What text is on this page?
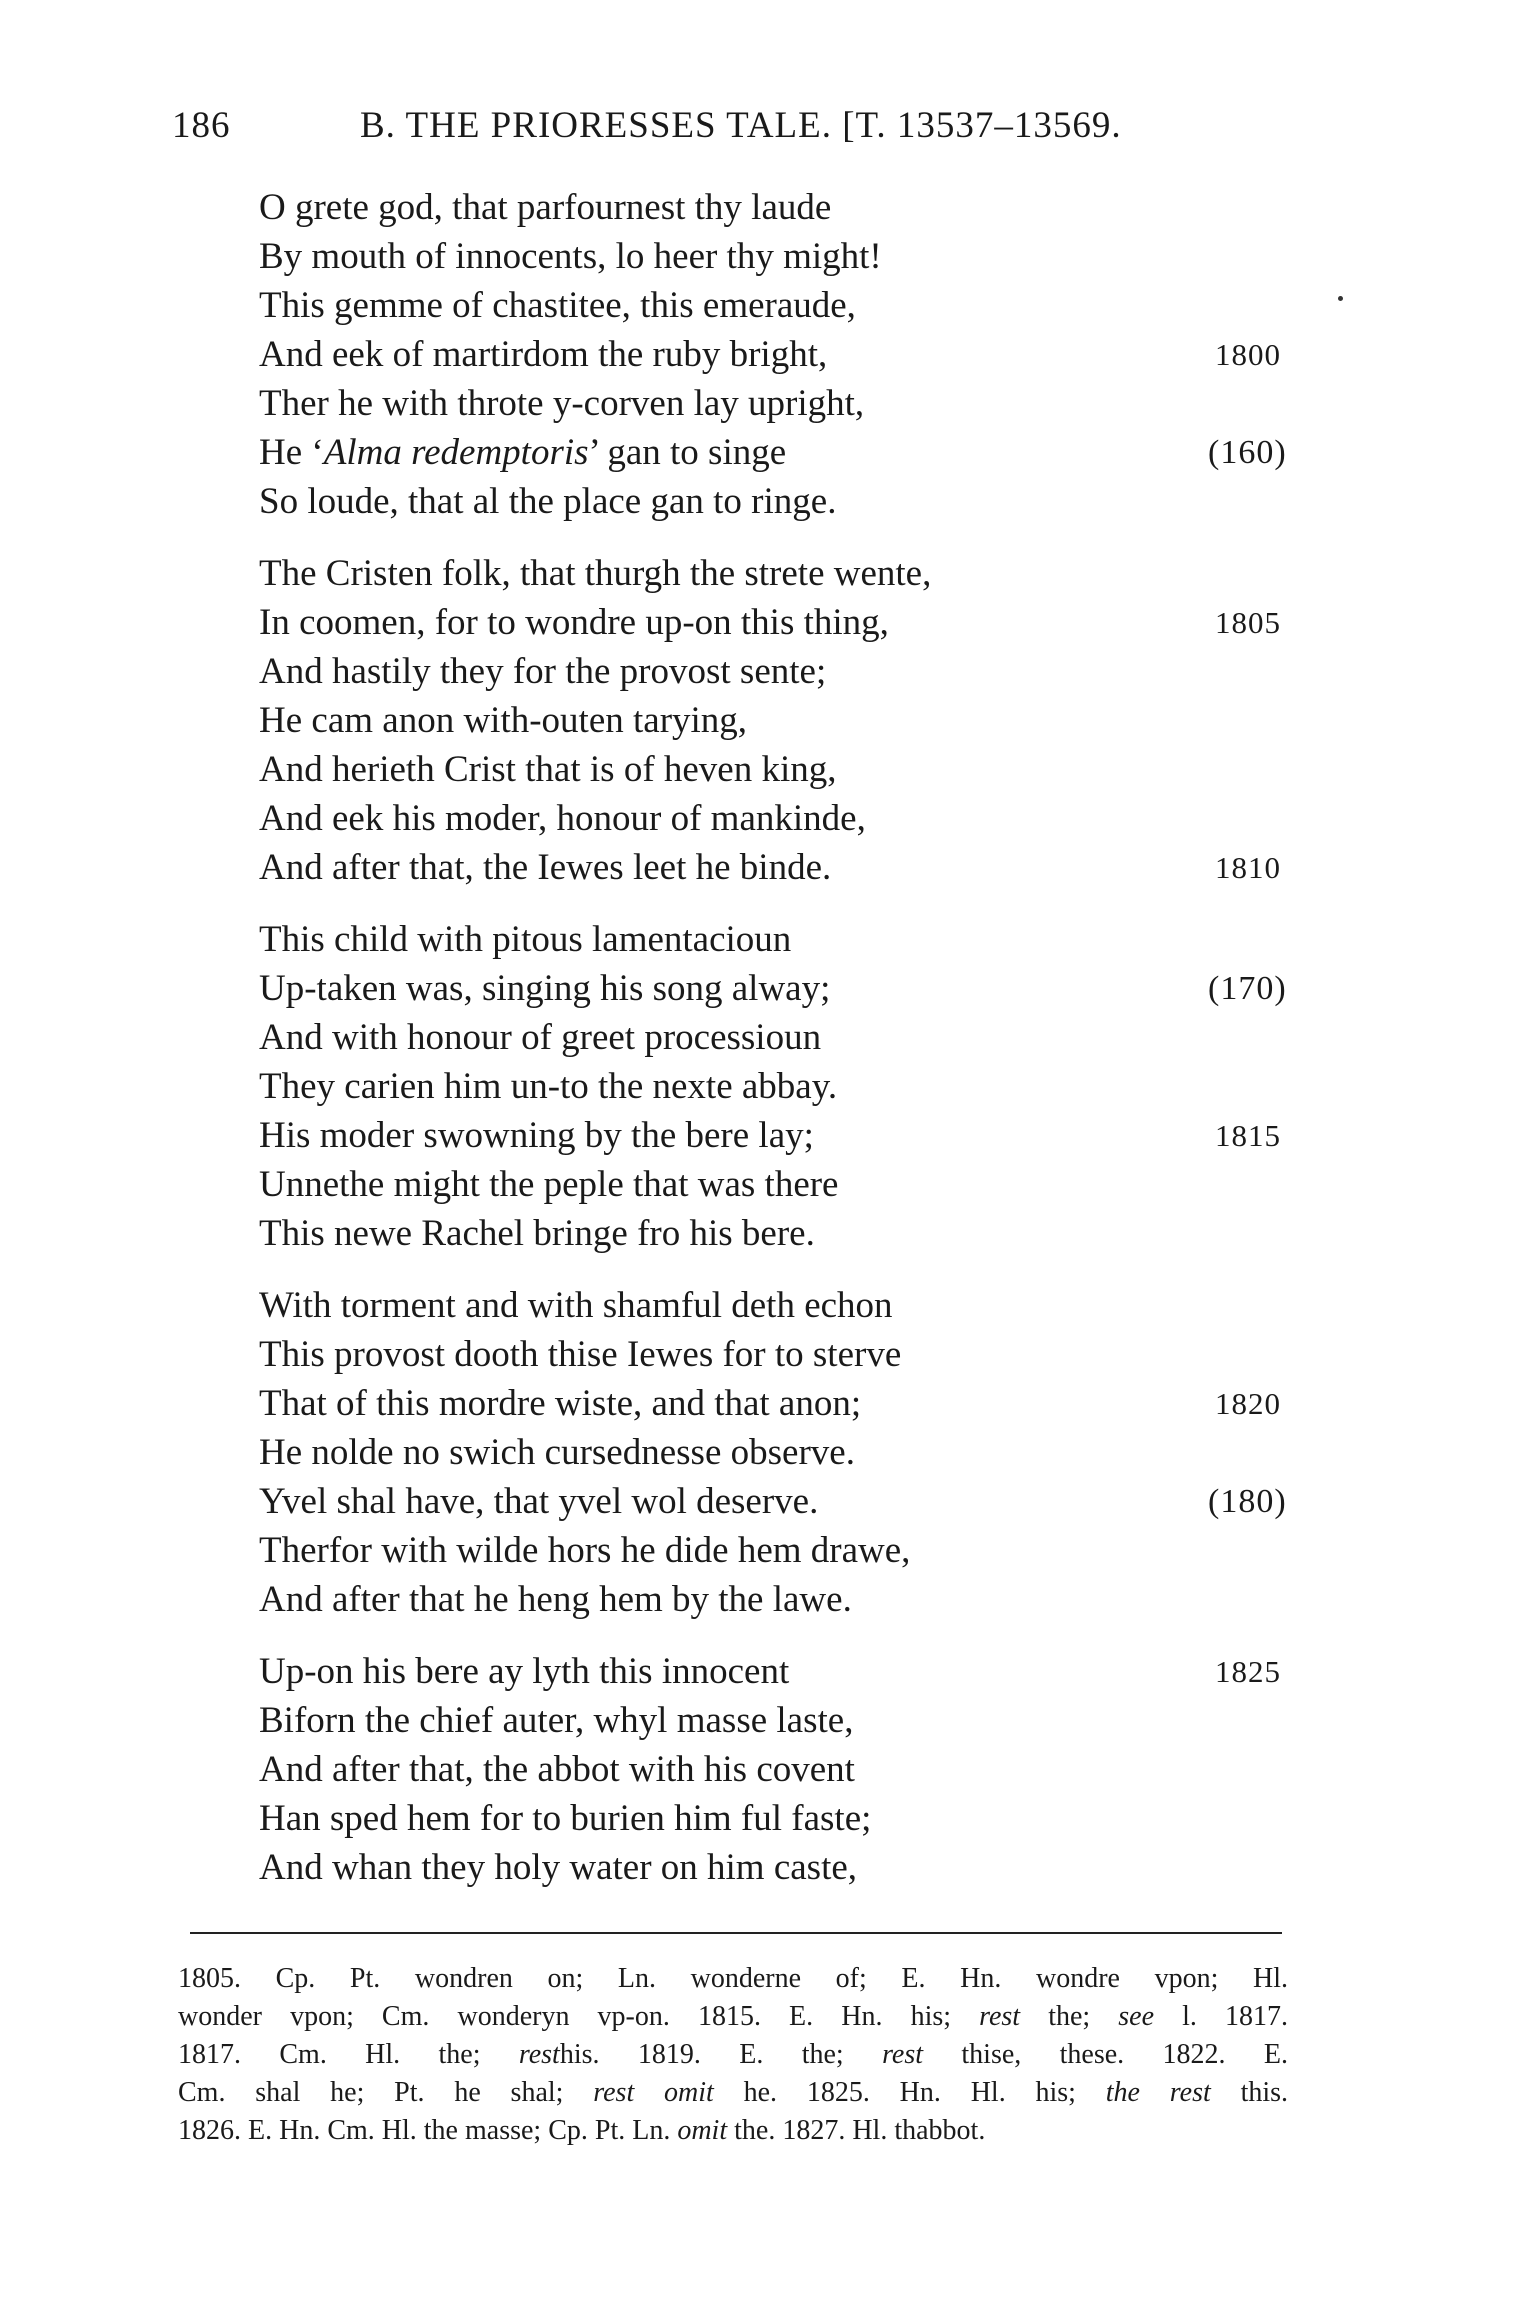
186	B. THE PRIORESSES TALE. [T. 13537–13569.
O grete god, that parfournest thy laude
By mouth of innocents, lo heer thy might!
This gemme of chastitee, this emeraude,
And eek of martirdom the ruby bright,	1800
Ther he with throte y-corven lay upright,
He ‘Alma redemptoris’ gan to singe	(160)
So loude, that al the place gan to ringe.
The Cristen folk, that thurgh the strete wente,
In coomen, for to wondre up-on this thing,	1805
And hastily they for the provost sente;
He cam anon with-outen tarying,
And herieth Crist that is of heven king,
And eek his moder, honour of mankinde,
And after that, the Iewes leet he binde.	1810
This child with pitous lamentacioun
Up-taken was, singing his song alway;	(170)
And with honour of greet processioun
They carien him un-to the nexte abbay.
His moder swowning by the bere lay;	1815
Unnethe might the peple that was there
This newe Rachel bringe fro his bere.
With torment and with shamful deth echon
This provost dooth thise Iewes for to sterve
That of this mordre wiste, and that anon;	1820
He nolde no swich cursednesse observe.
Yvel shal have, that yvel wol deserve.	(180)
Therfor with wilde hors he dide hem drawe,
And after that he heng hem by the lawe.
Up-on his bere ay lyth this innocent	1825
Biforn the chief auter, whyl masse laste,
And after that, the abbot with his covent
Han sped hem for to burien him ful faste;
And whan they holy water on him caste,
1805. Cp. Pt. wondren on; Ln. wonderne of; E. Hn. wondre vpon; Hl.
wonder vpon; Cm. wonderyn vp-on. 1815. E. Hn. his; rest the; see l. 1817.
1817. Cm. Hl. the; resthis. 1819. E. the; rest thise, these. 1822. E.
Cm. shal he; Pt. he shal; rest omit he. 1825. Hn. Hl. his; the rest this.
1826. E. Hn. Cm. Hl. the masse; Cp. Pt. Ln. omit the. 1827. Hl. thabbot.
